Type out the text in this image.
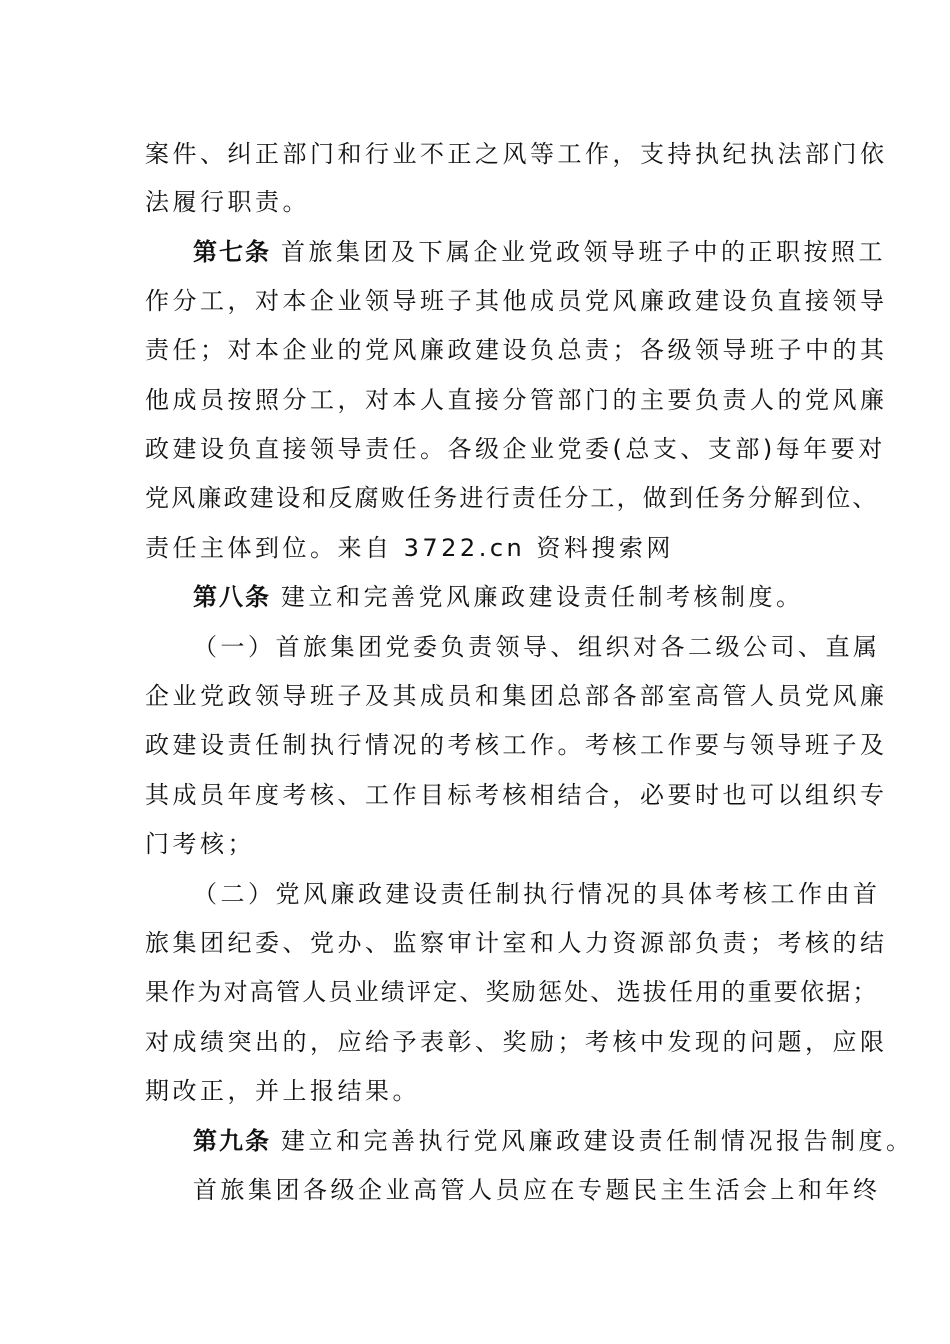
案件、纠正部门和行业不正之风等工作，支持执纪执法部门依
法履行职责。
第七条 首旅集团及下属企业党政领导班子中的正职按照工
作分工，对本企业领导班子其他成员党风廉政建设负直接领导
责任；对本企业的党风廉政建设负总责；各级领导班子中的其
他成员按照分工，对本人直接分管部门的主要负责人的党风廉
政建设负直接领导责任。各级企业党委(总支、支部)每年要对
党风廉政建设和反腐败任务进行责任分工，做到任务分解到位、
责任主体到位。来自 3722.cn 资料搜索网
第八条 建立和完善党风廉政建设责任制考核制度。
（一）首旅集团党委负责领导、组织对各二级公司、直属
企业党政领导班子及其成员和集团总部各部室高管人员党风廉
政建设责任制执行情况的考核工作。考核工作要与领导班子及
其成员年度考核、工作目标考核相结合，必要时也可以组织专
门考核；
（二）党风廉政建设责任制执行情况的具体考核工作由首
旅集团纪委、党办、监察审计室和人力资源部负责；考核的结
果作为对高管人员业绩评定、奖励惩处、选拔任用的重要依据；
对成绩突出的，应给予表彰、奖励；考核中发现的问题，应限
期改正，并上报结果。
第九条 建立和完善执行党风廉政建设责任制情况报告制度。
首旅集团各级企业高管人员应在专题民主生活会上和年终
